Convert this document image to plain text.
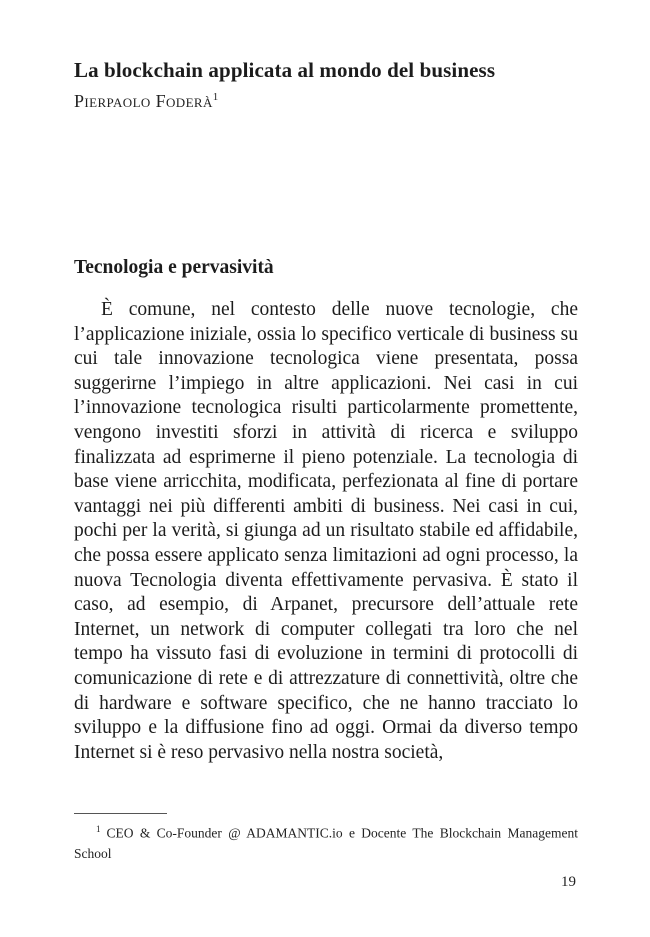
La blockchain applicata al mondo del business
Pierpaolo Foderà$^1$
Tecnologia e pervasività

È comune, nel contesto delle nuove tecnologie, che l’applicazione iniziale, ossia lo specifico verticale di business su cui tale innovazione tecnologica viene presentata, possa suggerirne l’impiego in altre applicazioni. Nei casi in cui l’innovazione tecnologica risulti particolarmente promettente, vengono investiti sforzi in attività di ricerca e sviluppo finalizzata ad esprimerne il pieno potenziale. La tecnologia di base viene arricchita, modificata, perfezionata al fine di portare vantaggi nei più differenti ambiti di business. Nei casi in cui, pochi per la verità, si giunga ad un risultato stabile ed affidabile, che possa essere applicato senza limitazioni ad ogni processo, la nuova Tecnologia diventa effettivamente pervasiva. È stato il caso, ad esempio, di Arpanet, precursore dell’attuale rete Internet, un network di computer collegati tra loro che nel tempo ha vissuto fasi di evoluzione in termini di protocolli di comunicazione di rete e di attrezzature di connettività, oltre che di hardware e software specifico, che ne hanno tracciato lo sviluppo e la diffusione fino ad oggi. Ormai da diverso tempo Internet si è reso pervasivo nella nostra società,

$^1$ CEO & Co-Founder @ ADAMANTIC.io e Docente The Blockchain Management School

19
